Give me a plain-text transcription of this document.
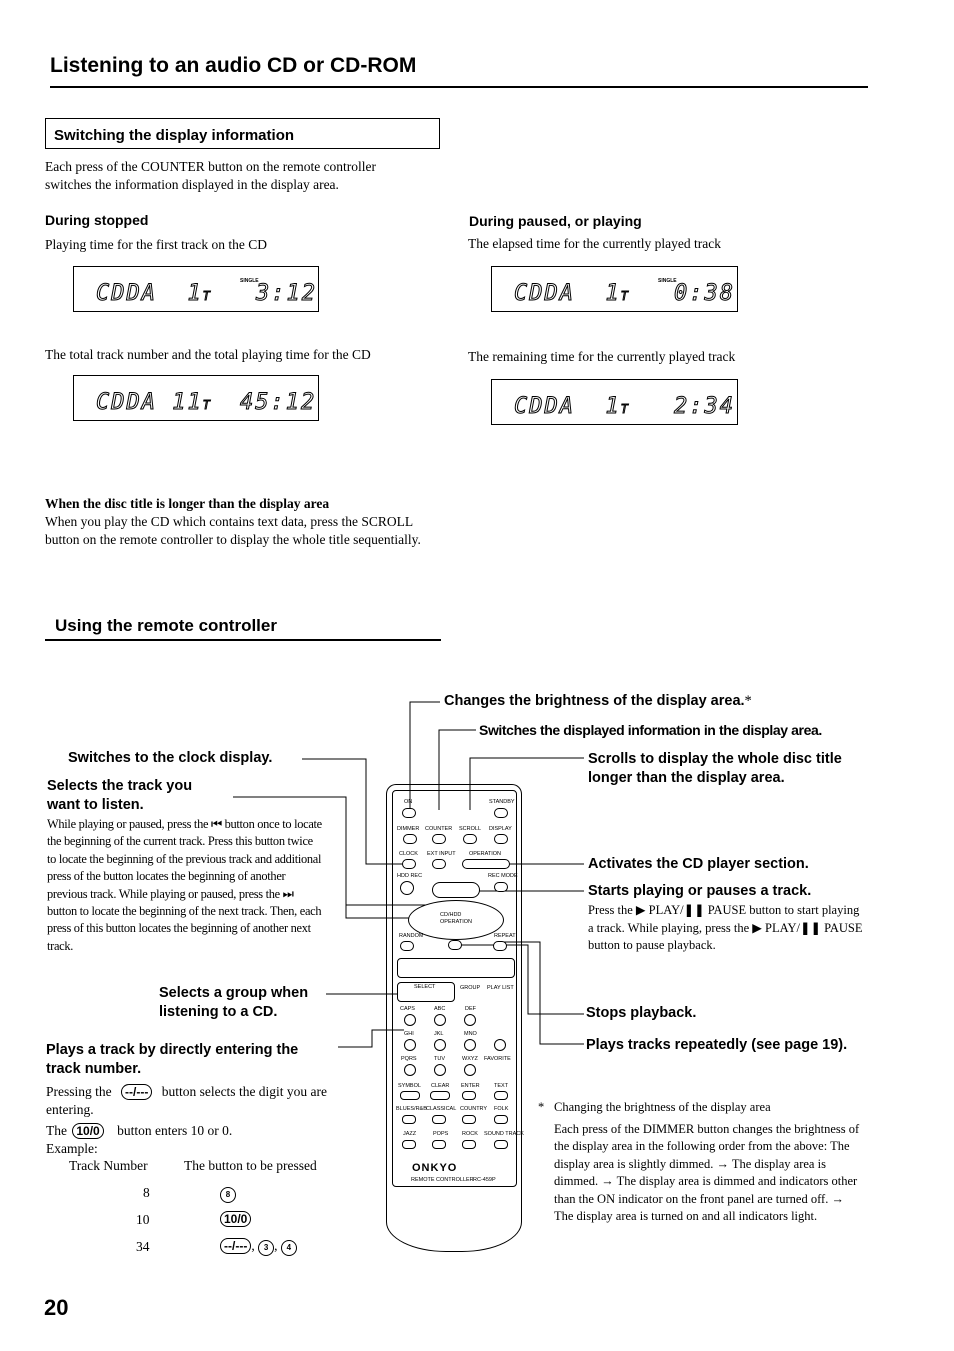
Listening to an audio CD or CD-ROM
Switching the display information
Each press of the COUNTER button on the remote controller switches the information displayed in the display area.
During stopped
Playing time for the first track on the CD
SINGLE
CDDA  1T 3:12
The total track number and the total playing time for the CD
CDDA 11T 45:12
During paused, or playing
The elapsed time for the currently played track
SINGLE
CDDA  1T 0:38
The remaining time for the currently played track
CDDA  1T 2:34
When the disc title is longer than the display area
When you play the CD which contains text data, press the SCROLL button on the remote controller to display the whole title sequentially.
Using the remote controller
Changes the brightness of the display area.*
Switches the displayed information in the display area.
Switches to the clock display.	Scrolls to display the whole disc title longer than the display area.
Selects the track you want to listen.
While playing or paused, press the ⏮ button once to locate the beginning of the current track. Press this button twice to locate the beginning of the previous track and additional press of the button locates the beginning of another previous track. While playing or paused, press the ⏭ button to locate the beginning of the next track. Then, each press of this button locates the beginning of another next track.
Activates the CD player section.
Starts playing or pauses a track.
Press the ▶ PLAY/❚❚ PAUSE button to start playing a track. While playing, press the ▶ PLAY/❚❚ PAUSE button to pause playback.
Selects a group when listening to a CD.	Stops playback.
Plays tracks repeatedly (see page 19).
Plays a track by directly entering the track number.
Pressing the --/--- button selects the digit you are entering.
The 10/0 button enters 10 or 0.
Example:
Track Number	The button to be pressed
8	8
10	10/0
34	--/--- , 3 , 4
* Changing the brightness of the display area
Each press of the DIMMER button changes the brightness of the display area in the following order from the above: The display area is slightly dimmed. → The display area is dimmed. → The display area is dimmed and indicators other than the ON indicator on the front panel are turned off. → The display area is turned on and all indicators light.
ON	STANDBY
DIMMER COUNTER SCROLL DISPLAY
CLOCK EXT INPUT OPERATION
HDD REC	REC MODE
CD/HDD
OPERATION
RANDOM	REPEAT
SELECT	GROUP PLAY LIST
CAPS	ABC	DEF
GHI	JKL	MNO
PQRS	TUV	WXYZ FAVORITE
SYMBOL CLEAR ENTER	TEXT
BLUES/R&B CLASSICAL COUNTRY FOLK
JAZZ	POPS ROCK SOUND TRACK
ONKYO
REMOTE CONTROLLER RC-459P
20
